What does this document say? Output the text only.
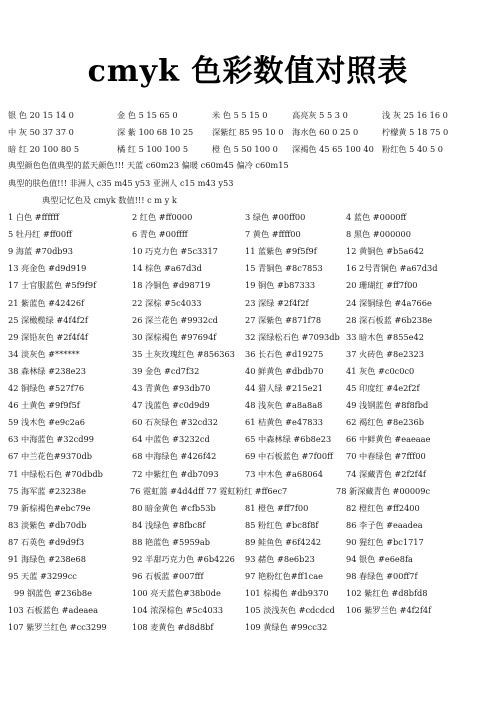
cmyk 色彩数值对照表
银 色 20 15 14 0	金 色 5 15 65 0	米 色 5 5 15 0	高亮灰 5 5 3 0	浅 灰 25 16 16 0
中 灰 50 37 37 0	深 紫 100 68 10 25 深紫红 85 95 10 0 海水色 60 0 25 0	柠檬黄 5 18 75 0
暗 红 20 100 80 5	橘 红 5 100 100 5	橙 色 5 50 100 0 深褐色 45 65 100 40 粉红色 5 40 5 0
典型颜色色值典型的蓝天颜色!!! 天蓝 c60m23 偏暖 c60m45 偏冷 c60m15
典型的肤色值!!! 非洲人 c35 m45 y53 亚洲人 c15 m43 y53
典型记忆色及 cmyk 数值!!! c m y k
1 白色 #ffffff	2 红色 #ff0000	3 绿色 #00ff00	4 蓝色 #0000ff
5 牡丹红 #ff00ff	6 青色 #00ffff	7 黄色 #ffff00	8 黑色 #000000
9 海蓝 #70db93	10 巧克力色 #5c3317	11 蓝紫色 #9f5f9f	12 黄铜色 #b5a642
13 亮金色 #d9d919	14 棕色 #a67d3d	15 青铜色 #8c7853	16 2号青铜色 #a67d3d
17 士官服蓝色 #5f9f9f	18 冷铜色 #d98719	19 铜色 #b87333	20 珊瑚红 #ff7f00
21 紫蓝色 #42426f	22 深棕 #5c4033	23 深绿 #2f4f2f	24 深铜绿色 #4a766e
25 深橄榄绿 #4f4f2f	26 深兰花色 #9932cd	27 深紫色 #871f78	28 深石板蓝 #6b238e
29 深铅灰色 #2f4f4f	30 深棕褐色 #97694f	32 深绿松石色 #7093db 33 暗木色 #855e42
34 淡灰色 #******	35 土灰玫瑰红色 #856363 36 长石色 #d19275	37 火砖色 #8e2323
38 森林绿 #238e23	39 金色 #cd7f32	40 鲜黄色 #dbdb70	41 灰色 #c0c0c0
42 铜绿色 #527f76	43 青黄色 #93db70	44 猎人绿 #215e21	45 印度红 #4e2f2f
46 土黄色 #9f9f5f	47 浅蓝色 #c0d9d9	48 浅灰色 #a8a8a8	49 浅钢蓝色 #8f8fbd
59 浅木色 #e9c2a6	60 石灰绿色 #32cd32	61 桔黄色 #e47833	62 褐红色 #8e236b
63 中海蓝色 #32cd99	64 中蓝色 #3232cd	65 中森林绿 #6b8e23 66 中鲜黄色 #eaeaae
67 中兰花色#9370db	68 中海绿色 #426f42	69 中石板蓝色 #7f00ff 70 中春绿色 #7fff00
71 中绿松石色 #70dbdb	72 中紫红色 #db7093	73 中木色 #a68064	74 深藏青色 #2f2f4f
75 海军蓝 #23238e	76 霓虹篮 #4d4dff 77 霓虹粉红 #ff6ec7	78 新深藏青色 #00009c
79 新棕褐色#ebc79e	80 暗金黄色 #cfb53b	81 橙色 #ff7f00	82 橙红色 #ff2400
83 淡紫色 #db70db	84 浅绿色 #8fbc8f	85 粉红色 #bc8f8f	86 李子色 #eaadea
87 石英色 #d9d9f3	88 艳蓝色 #5959ab	89 鲑鱼色 #6f4242	90 猩红色 #bc1717
91 海绿色 #238e68	92 半甜巧克力色 #6b4226 93 赭色 #8e6b23	94 银色 #e6e8fa
95 天蓝 #3299cc	96 石板蓝 #007fff	97 艳粉红色#ff1cae	98 春绿色 #00ff7f
99 钢蓝色 #236b8e	100 亮天蓝色#38b0de	101 棕褐色 #db9370 102 紫红色 #d8bfd8
103 石板蓝色 #adeaea	104 浓深棕色 #5c4033	105 淡浅灰色 #cdcdcd 106 紫罗兰色 #4f2f4f
107 紫罗兰红色 #cc3299	108 麦黄色 #d8d8bf	109 黄绿色 #99cc32
